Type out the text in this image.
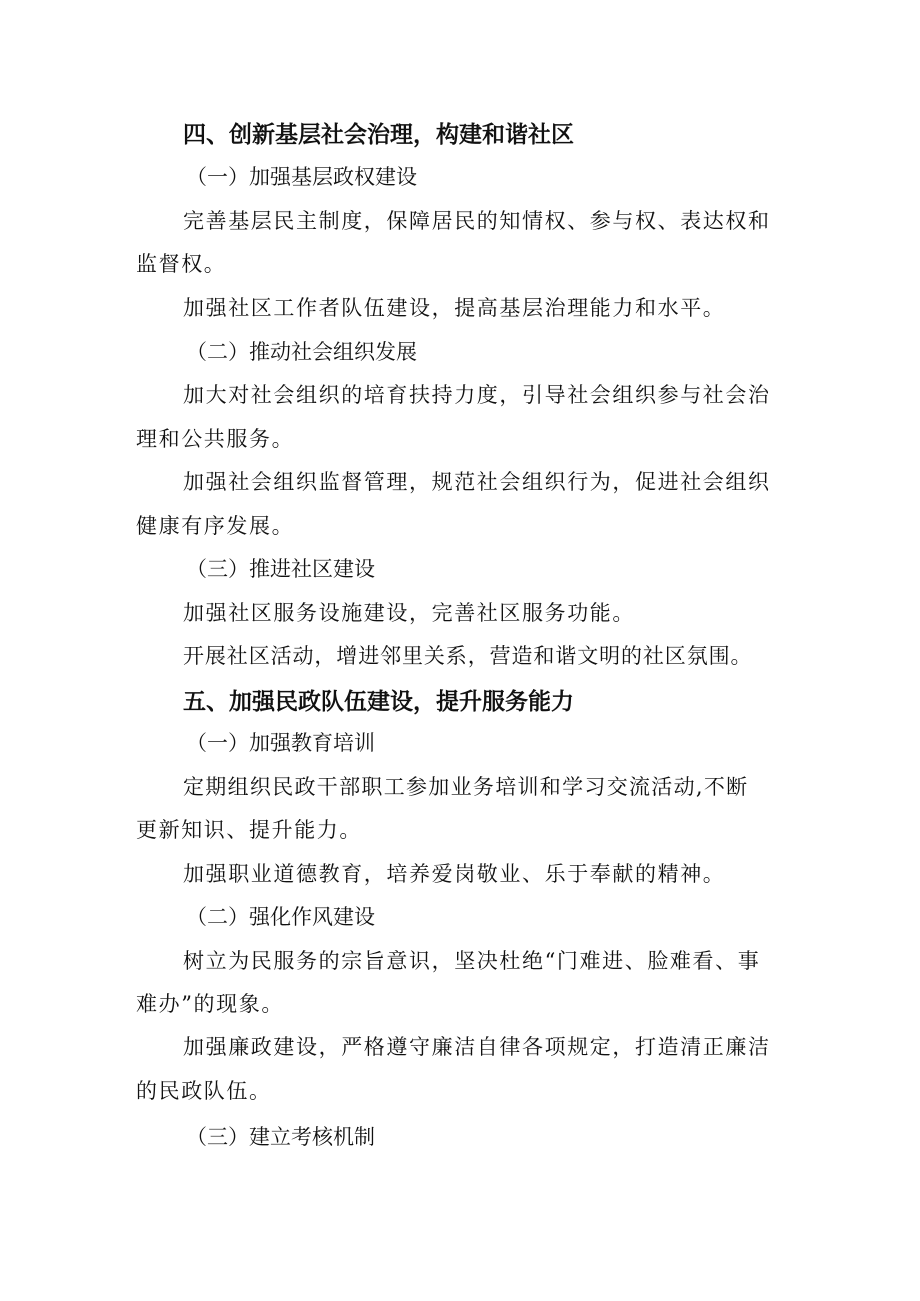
四、创新基层社会治理，构建和谐社区
（一）加强基层政权建设
完善基层民主制度，保障居民的知情权、参与权、表达权和
监督权。
加强社区工作者队伍建设，提高基层治理能力和水平。
（二）推动社会组织发展
加大对社会组织的培育扶持力度，引导社会组织参与社会治
理和公共服务。
加强社会组织监督管理，规范社会组织行为，促进社会组织
健康有序发展。
（三）推进社区建设
加强社区服务设施建设，完善社区服务功能。
开展社区活动，增进邻里关系，营造和谐文明的社区氛围。
五、加强民政队伍建设，提升服务能力
（一）加强教育培训
定期组织民政干部职工参加业务培训和学习交流活动,不断
更新知识、提升能力。
加强职业道德教育，培养爱岗敬业、乐于奉献的精神。
（二）强化作风建设
树立为民服务的宗旨意识，坚决杜绝“门难进、脸难看、事
难办”的现象。
加强廉政建设，严格遵守廉洁自律各项规定，打造清正廉洁
的民政队伍。
（三）建立考核机制
